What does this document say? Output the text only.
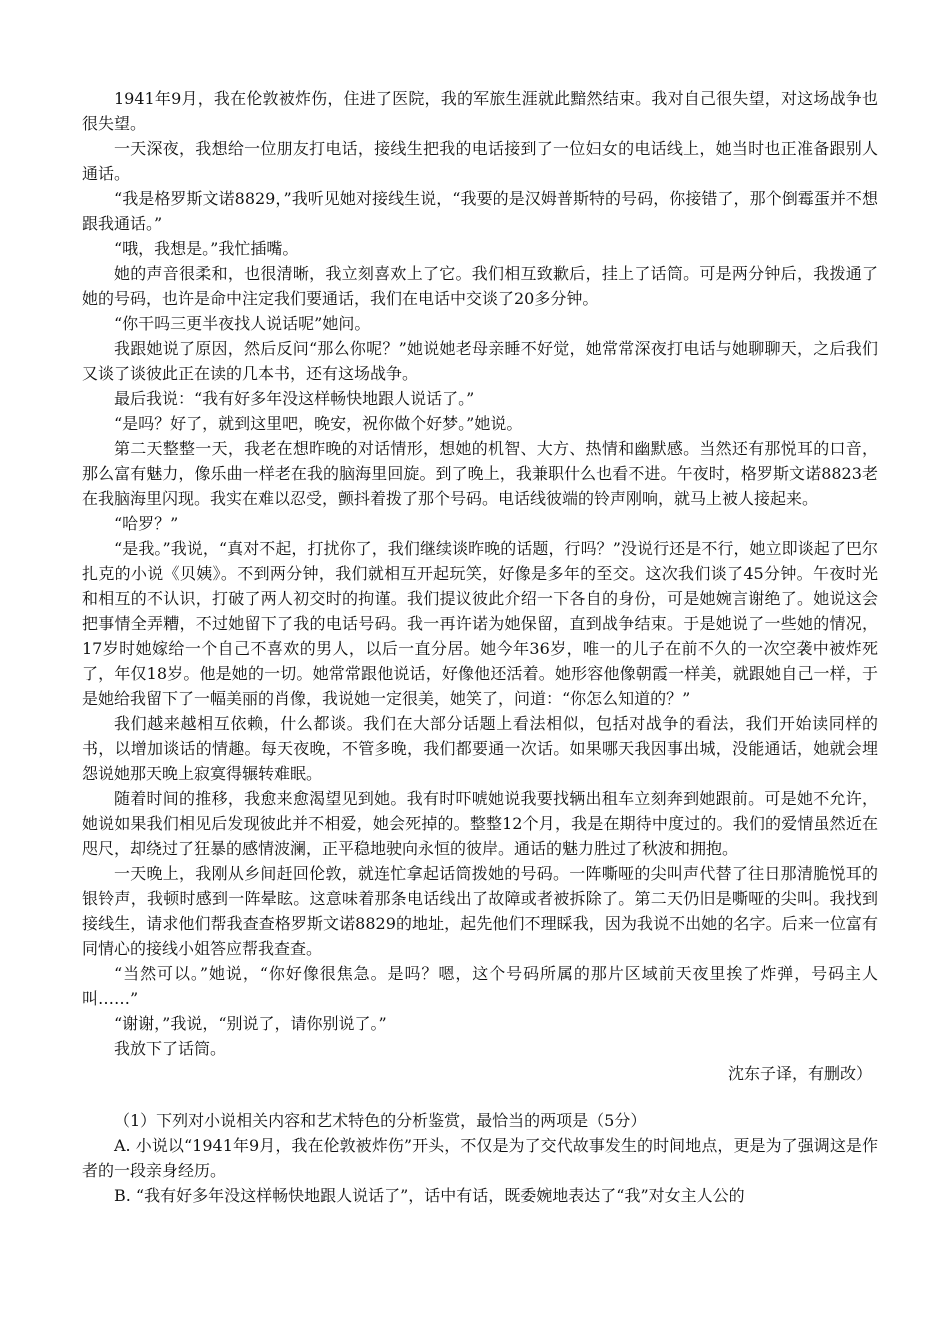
1941年9月，我在伦敦被炸伤，住进了医院，我的军旅生涯就此黯然结束。我对自己很失望，对这场战争也很失望。

一天深夜，我想给一位朋友打电话，接线生把我的电话接到了一位妇女的电话线上，她当时也正准备跟别人通话。

“我是格罗斯文诺8829，”我听见她对接线生说，“我要的是汉姆普斯特的号码，你接错了，那个倒霉蛋并不想跟我通话。”

“哦，我想是。”我忙插嘴。

她的声音很柔和，也很清晰，我立刻喜欢上了它。我们相互致歉后，挂上了话筒。可是两分钟后，我拨通了她的号码，也许是命中注定我们要通话，我们在电话中交谈了20多分钟。

“你干吗三更半夜找人说话呢”她问。

我跟她说了原因，然后反问“那么你呢？”她说她老母亲睡不好觉，她常常深夜打电话与她聊聊天，之后我们又谈了谈彼此正在读的几本书，还有这场战争。

最后我说：“我有好多年没这样畅快地跟人说话了。”

“是吗？好了，就到这里吧，晚安，祝你做个好梦。”她说。

第二天整整一天，我老在想昨晚的对话情形，想她的机智、大方、热情和幽默感。当然还有那悦耳的口音，那么富有魅力，像乐曲一样老在我的脑海里回旋。到了晚上，我兼职什么也看不进。午夜时，格罗斯文诺8823老在我脑海里闪现。我实在难以忍受，颤抖着拨了那个号码。电话线彼端的铃声刚响，就马上被人接起来。

“哈罗？”

“是我。”我说，“真对不起，打扰你了，我们继续谈昨晚的话题，行吗？”没说行还是不行，她立即谈起了巴尔扎克的小说《贝姨》。不到两分钟，我们就相互开起玩笑，好像是多年的至交。这次我们谈了45分钟。午夜时光和相互的不认识，打破了两人初交时的拘谨。我们提议彼此介绍一下各自的身份，可是她婉言谢绝了。她说这会把事情全弄糟，不过她留下了我的电话号码。我一再许诺为她保留，直到战争结束。于是她说了一些她的情况，17岁时她嫁给一个自己不喜欢的男人，以后一直分居。她今年36岁，唯一的儿子在前不久的一次空袭中被炸死了，年仅18岁。他是她的一切。她常常跟他说话，好像他还活着。她形容他像朝霞一样美，就跟她自己一样，于是她给我留下了一幅美丽的肖像，我说她一定很美，她笑了，问道：“你怎么知道的？”

我们越来越相互依赖，什么都谈。我们在大部分话题上看法相似，包括对战争的看法，我们开始读同样的书，以增加谈话的情趣。每天夜晚，不管多晚，我们都要通一次话。如果哪天我因事出城，没能通话，她就会埋怨说她那天晚上寂寞得辗转难眠。

随着时间的推移，我愈来愈渴望见到她。我有时吓唬她说我要找辆出租车立刻奔到她跟前。可是她不允许，她说如果我们相见后发现彼此并不相爱，她会死掉的。整整12个月，我是在期待中度过的。我们的爱情虽然近在咫尺，却绕过了狂暴的感情波澜，正平稳地驶向永恒的彼岸。通话的魅力胜过了秋波和拥抱。

一天晚上，我刚从乡间赶回伦敦，就连忙拿起话筒拨她的号码。一阵嘶哑的尖叫声代替了往日那清脆悦耳的银铃声，我顿时感到一阵晕眩。这意味着那条电话线出了故障或者被拆除了。第二天仍旧是嘶哑的尖叫。我找到接线生，请求他们帮我查查格罗斯文诺8829的地址，起先他们不理睬我，因为我说不出她的名字。后来一位富有同情心的接线小姐答应帮我查查。

“当然可以。”她说，“你好像很焦急。是吗？嗯，这个号码所属的那片区域前天夜里挨了炸弹，号码主人叫……”

“谢谢，”我说，“别说了，请你别说了。”

我放下了话筒。

沈东子译，有删改）

（1）下列对小说相关内容和艺术特色的分析鉴赏，最恰当的两项是（5分）

A. 小说以“1941年9月，我在伦敦被炸伤”开头，不仅是为了交代故事发生的时间地点，更是为了强调这是作者的一段亲身经历。

B. “我有好多年没这样畅快地跟人说话了”，话中有话，既委婉地表达了“我”对女主人公的
